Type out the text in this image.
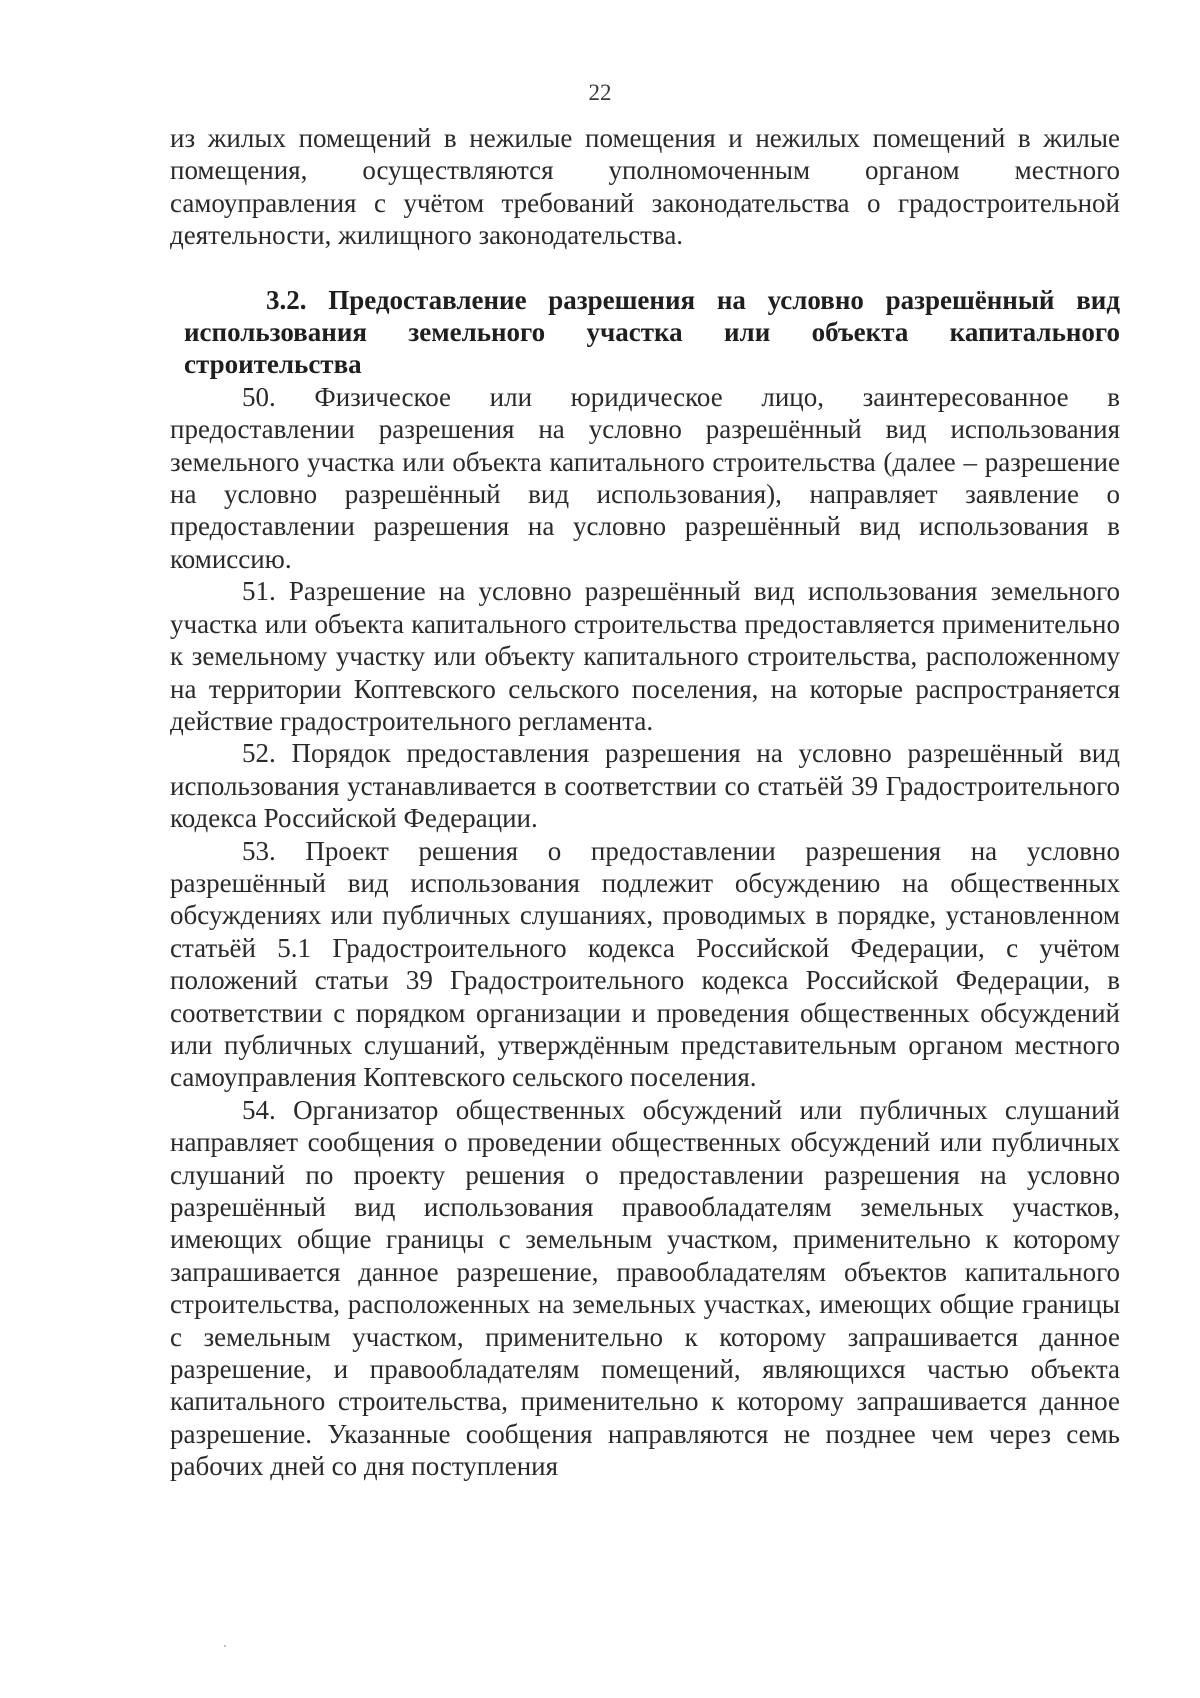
22

из жилых помещений в нежилые помещения и нежилых помещений в жилые помещения, осуществляются уполномоченным органом местного самоуправления с учётом требований законодательства о градостроительной деятельности, жилищного законодательства.

3.2. Предоставление разрешения на условно разрешённый вид использования земельного участка или объекта капитального строительства

50. Физическое или юридическое лицо, заинтересованное в предоставлении разрешения на условно разрешённый вид использования земельного участка или объекта капитального строительства (далее – разрешение на условно разрешённый вид использования), направляет заявление о предоставлении разрешения на условно разрешённый вид использования в комиссию.

51. Разрешение на условно разрешённый вид использования земельного участка или объекта капитального строительства предоставляется применительно к земельному участку или объекту капитального строительства, расположенному на территории Коптевского сельского поселения, на которые распространяется действие градостроительного регламента.

52. Порядок предоставления разрешения на условно разрешённый вид использования устанавливается в соответствии со статьёй 39 Градостроительного кодекса Российской Федерации.

53. Проект решения о предоставлении разрешения на условно разрешённый вид использования подлежит обсуждению на общественных обсуждениях или публичных слушаниях, проводимых в порядке, установленном статьёй 5.1 Градостроительного кодекса Российской Федерации, с учётом положений статьи 39 Градостроительного кодекса Российской Федерации, в соответствии с порядком организации и проведения общественных обсуждений или публичных слушаний, утверждённым представительным органом местного самоуправления Коптевского сельского поселения.

54. Организатор общественных обсуждений или публичных слушаний направляет сообщения о проведении общественных обсуждений или публичных слушаний по проекту решения о предоставлении разрешения на условно разрешённый вид использования правообладателям земельных участков, имеющих общие границы с земельным участком, применительно к которому запрашивается данное разрешение, правообладателям объектов капитального строительства, расположенных на земельных участках, имеющих общие границы с земельным участком, применительно к которому запрашивается данное разрешение, и правообладателям помещений, являющихся частью объекта капитального строительства, применительно к которому запрашивается данное разрешение. Указанные сообщения направляются не позднее чем через семь рабочих дней со дня поступления
